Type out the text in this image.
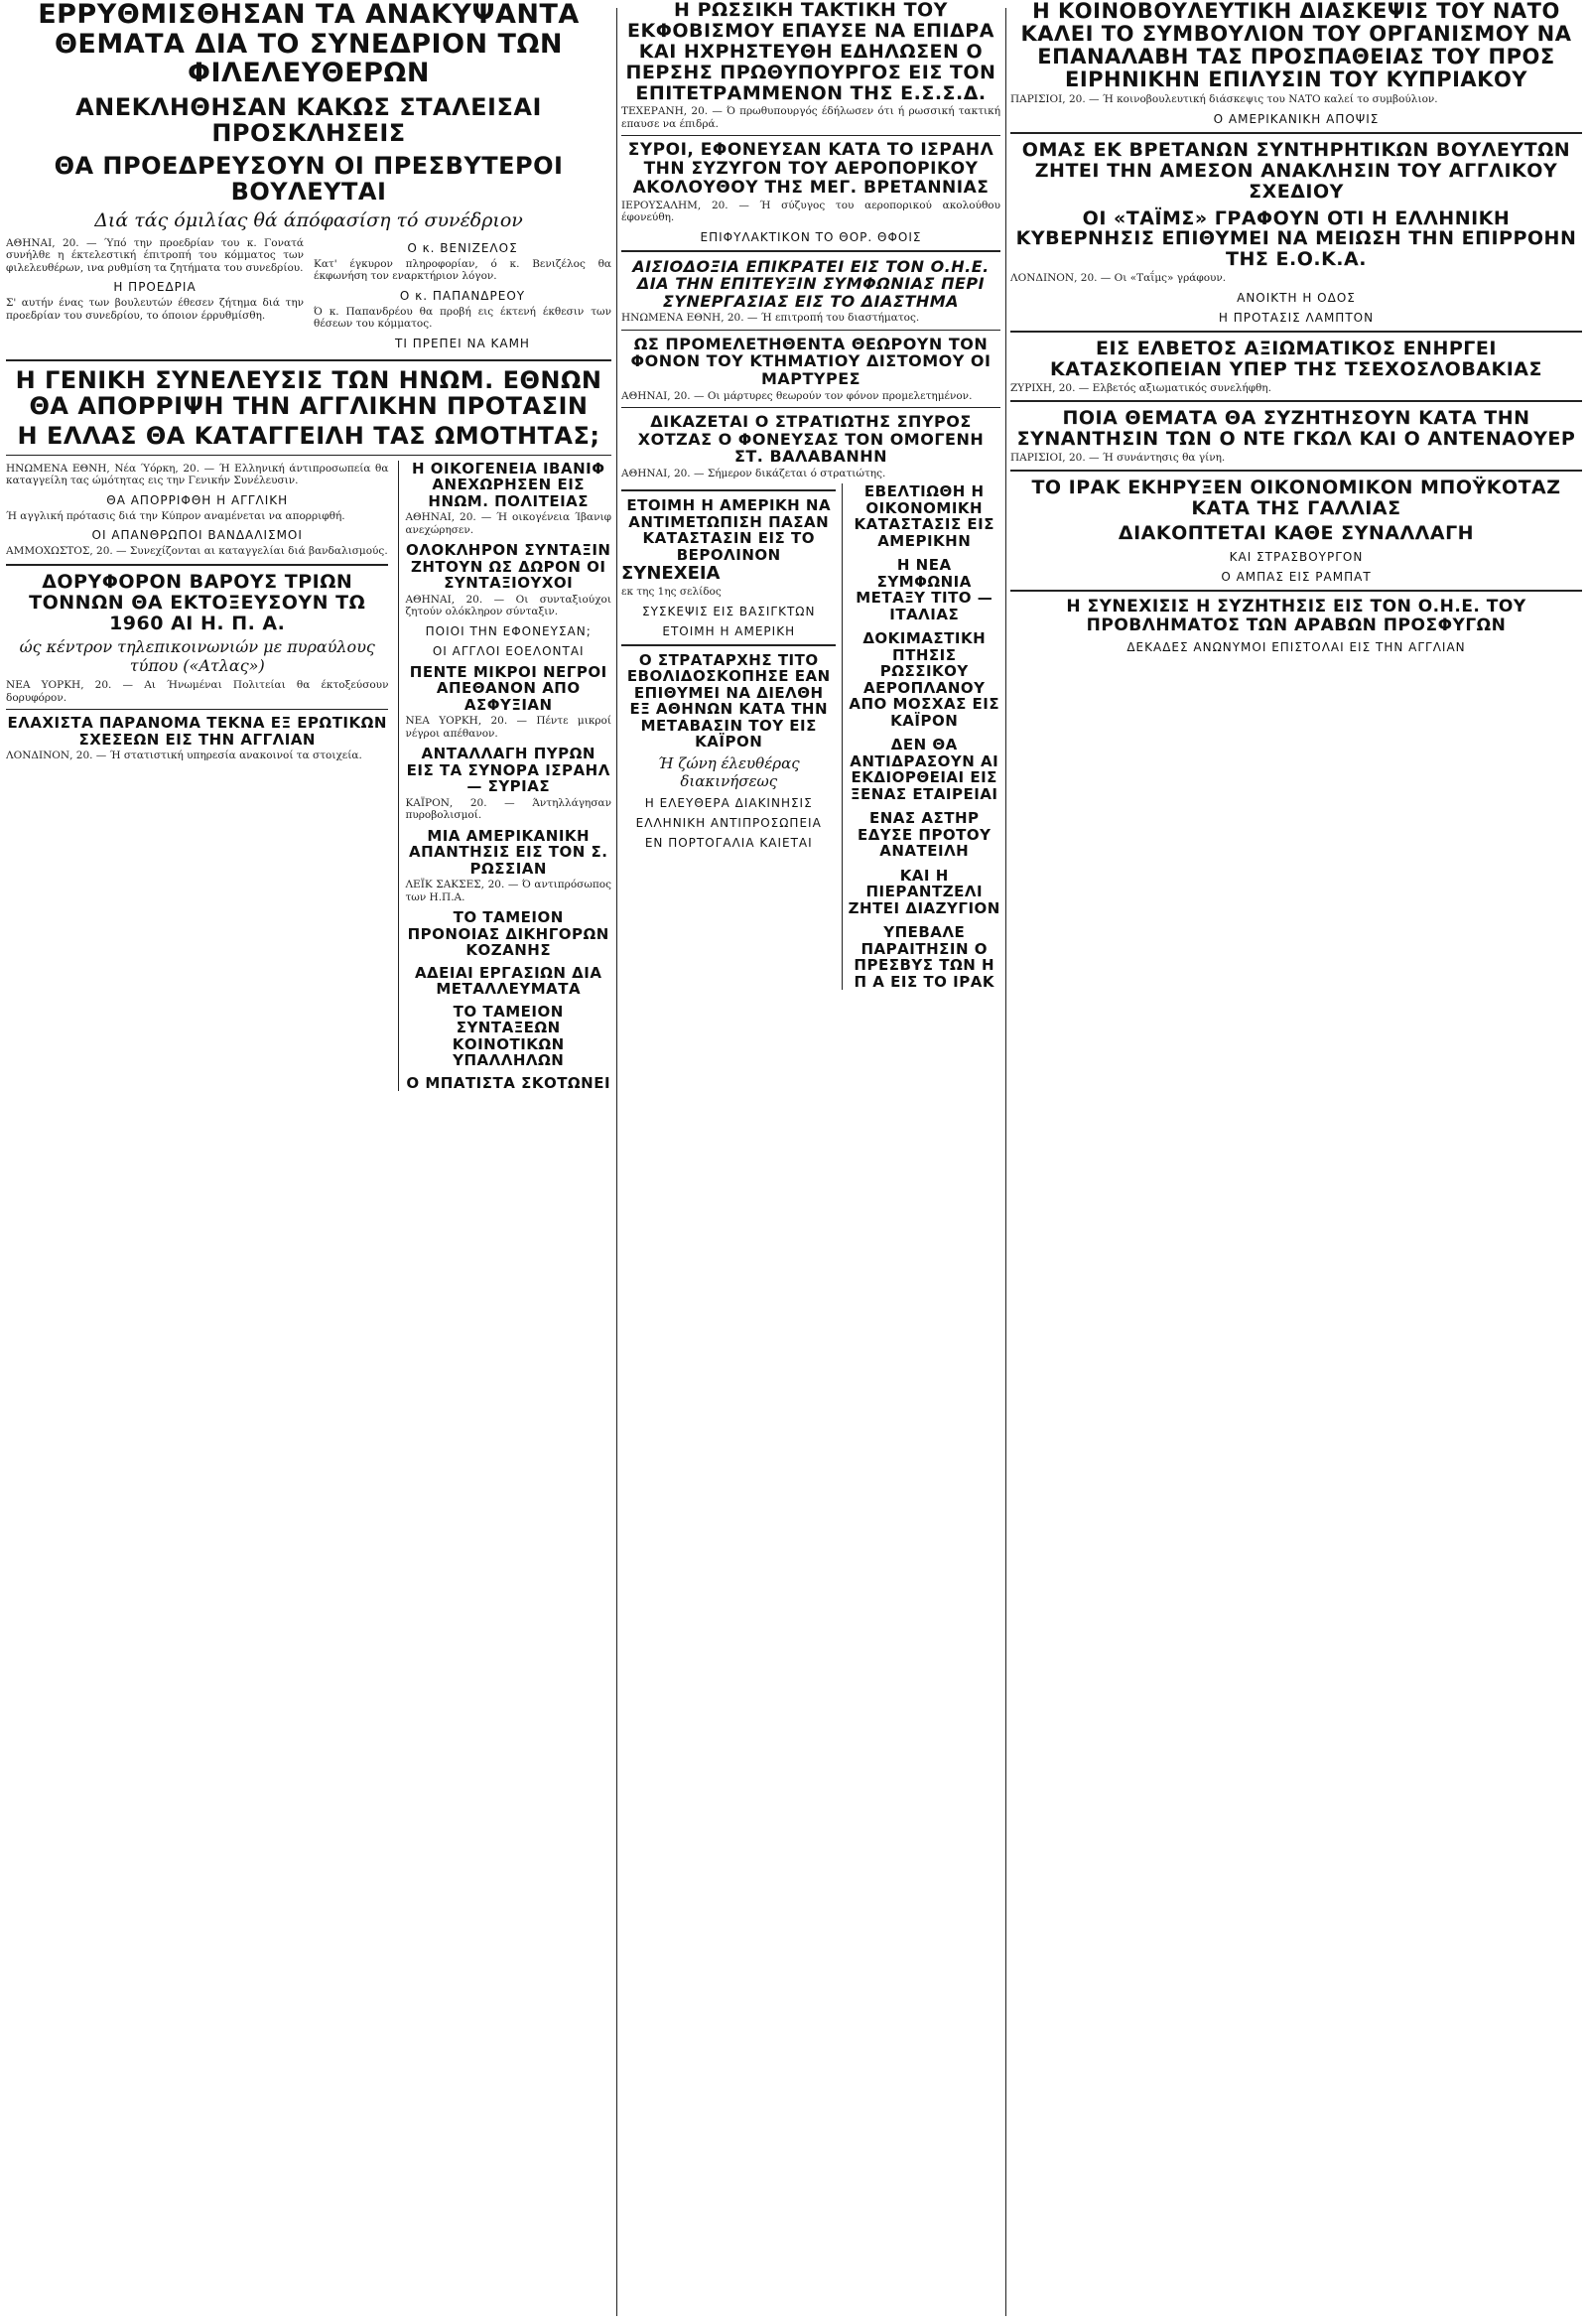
ΕΡΡΥΘΜΙΣΘΗΣΑΝ ΤΑ ΑΝΑΚΥΨΑΝΤΑ ΘΕΜΑΤΑ ΔΙΑ ΤΟ ΣΥΝΕΔΡΙΟΝ ΤΩΝ ΦΙΛΕΛΕΥΘΕΡΩΝ
ΑΝΕΚΛΗΘΗΣΑΝ ΚΑΚΩΣ ΣΤΑΛΕΙΣΑΙ ΠΡΟΣΚΛΗΣΕΙΣ
ΘΑ ΠΡΟΕΔΡΕΥΣΟΥΝ ΟΙ ΠΡΕΣΒΥΤΕΡΟΙ ΒΟΥΛΕΥΤΑΙ
Διά τάς όμιλίας θά άπόφασίση τό συνέδριον
ΑΘΗΝΑΙ, 20. — Ύπό την προεδρίαν του κ. Γονατά συνήλθε η έκτελεστική έπιτροπή του κόμματος των φιλελευθέρων, ινα ρυθμίση τα ζητήματα του συνεδρίου.
Η ΠΡΟΕΔΡΙΑ
Σ' αυτήν ένας των βουλευτών έθεσεν ζήτημα διά την προεδρίαν του συνεδρίου, το όποιον έρρυθμίσθη.
Ο κ. ΒΕΝΙΖΕΛΟΣ
Κατ' έγκυρον πληροφορίαν, ό κ. Βενιζέλος θα έκφωνήση τον εναρκτήριον λόγον.
Ο κ. ΠΑΠΑΝΔΡΕΟΥ
Ό κ. Παπανδρέου θα προβή εις έκτενή έκθεσιν των θέσεων του κόμματος.
ΤΙ ΠΡΕΠΕΙ ΝΑ ΚΑΜΗ
Η ΓΕΝΙΚΗ ΣΥΝΕΛΕΥΣΙΣ ΤΩΝ ΗΝΩΜ. ΕΘΝΩΝ ΘΑ ΑΠΟΡΡΙΨΗ ΤΗΝ ΑΓΓΛΙΚΗΝ ΠΡΟΤΑΣΙΝ
Η ΕΛΛΑΣ ΘΑ ΚΑΤΑΓΓΕΙΛΗ ΤΑΣ ΩΜΟΤΗΤΑΣ;
ΗΝΩΜΕΝΑ ΕΘΝΗ, Νέα Ύόρκη, 20. — Ή Ελληνική άντιπροσωπεία θα καταγγείλη τας ώμότητας εις την Γενικήν Συνέλευσιν.
ΘΑ ΑΠΟΡΡΙΦΘΗ Η ΑΓΓΛΙΚΗ
Ή αγγλική πρότασις διά την Κύπρον αναμένεται να απορριφθή.
ΟΙ ΑΠΑΝΘΡΩΠΟΙ ΒΑΝΔΑΛΙΣΜΟΙ
ΑΜΜΟΧΩΣΤΟΣ, 20. — Συνεχίζονται αι καταγγελίαι διά βανδαλισμούς.
ΔΟΡΥΦΟΡΟΝ ΒΑΡΟΥΣ ΤΡΙΩΝ ΤΟΝΝΩΝ ΘΑ ΕΚΤΟΞΕΥΣΟΥΝ ΤΩ 1960 ΑΙ Η. Π. Α.
ώς κέντρον τηλεπικοινωνιών με πυραύλους τύπου («Ατλας»)
ΝΕΑ ΥΟΡΚΗ, 20. — Αι Ήνωμέναι Πολιτείαι θα έκτοξεύσουν δορυφόρον.
ΕΛΑΧΙΣΤΑ ΠΑΡΑΝΟΜΑ ΤΕΚΝΑ ΕΞ ΕΡΩΤΙΚΩΝ ΣΧΕΣΕΩΝ ΕΙΣ ΤΗΝ ΑΓΓΛΙΑΝ
ΛΟΝΔΙΝΟΝ, 20. — Ή στατιστική υπηρεσία ανακοινοί τα στοιχεία.
Η ΟΙΚΟΓΕΝΕΙΑ ΙΒΑΝΙΦ ΑΝΕΧΩΡΗΣΕΝ ΕΙΣ ΗΝΩΜ. ΠΟΛΙΤΕΙΑΣ
ΑΘΗΝΑΙ, 20. — Ή οικογένεια Ίβανιφ ανεχώρησεν.
ΟΛΟΚΛΗΡΟΝ ΣΥΝΤΑΞΙΝ ΖΗΤΟΥΝ ΩΣ ΔΩΡΟΝ ΟΙ ΣΥΝΤΑΞΙΟΥΧΟΙ
ΑΘΗΝΑΙ, 20. — Οι συνταξιούχοι ζητούν ολόκληρον σύνταξιν.
ΠΟΙΟΙ ΤΗΝ ΕΦΟΝΕΥΣΑΝ;
ΟΙ ΑΓΓΛΟΙ ΕΟΕΛΟΝΤΑΙ
ΠΕΝΤΕ ΜΙΚΡΟΙ ΝΕΓΡΟΙ ΑΠΕΘΑΝΟΝ ΑΠΟ ΑΣΦΥΞΙΑΝ
ΝΕΑ ΥΟΡΚΗ, 20. — Πέντε μικροί νέγροι απέθανον.
ΑΝΤΑΛΛΑΓΗ ΠΥΡΩΝ ΕΙΣ ΤΑ ΣΥΝΟΡΑ ΙΣΡΑΗΛ — ΣΥΡΙΑΣ
ΚΑΪΡΟΝ, 20. — Άντηλλάγησαν πυροβολισμοί.
ΜΙΑ ΑΜΕΡΙΚΑΝΙΚΗ ΑΠΑΝΤΗΣΙΣ ΕΙΣ ΤΟΝ Σ. ΡΩΣΣΙΑΝ
ΛΕΪΚ ΣΑΚΣΕΣ, 20. — Ό αντιπρόσωπος των Η.Π.Α.
ΤΟ ΤΑΜΕΙΟΝ ΠΡΟΝΟΙΑΣ ΔΙΚΗΓΟΡΩΝ ΚΟΖΑΝΗΣ
ΑΔΕΙΑΙ ΕΡΓΑΣΙΩΝ ΔΙΑ ΜΕΤΑΛΛΕΥΜΑΤΑ
ΤΟ ΤΑΜΕΙΟΝ ΣΥΝΤΑΞΕΩΝ ΚΟΙΝΟΤΙΚΩΝ ΥΠΑΛΛΗΛΩΝ
Ο ΜΠΑΤΙΣΤΑ ΣΚΟΤΩΝΕΙ
Η ΡΩΣΣΙΚΗ ΤΑΚΤΙΚΗ ΤΟΥ ΕΚΦΟΒΙΣΜΟΥ ΕΠΑΥΣΕ ΝΑ ΕΠΙΔΡΑ ΚΑΙ ΗΧΡΗΣΤΕΥΘΗ ΕΔΗΛΩΣΕΝ Ο ΠΕΡΣΗΣ ΠΡΩΘΥΠΟΥΡΓΟΣ ΕΙΣ ΤΟΝ ΕΠΙΤΕΤΡΑΜΜΕΝΟΝ ΤΗΣ Ε.Σ.Σ.Δ.
ΤΕΧΕΡΑΝΗ, 20. — Ό πρωθυπουργός έδήλωσεν ότι ή ρωσσική τακτική επαυσε να έπιδρά.
ΣΥΡΟΙ, ΕΦΟΝΕΥΣΑΝ ΚΑΤΑ ΤΟ ΙΣΡΑΗΛ ΤΗΝ ΣΥΖΥΓΟΝ ΤΟΥ ΑΕΡΟΠΟΡΙΚΟΥ ΑΚΟΛΟΥΘΟΥ ΤΗΣ ΜΕΓ. ΒΡΕΤΑΝΝΙΑΣ
ΙΕΡΟΥΣΑΛΗΜ, 20. — Ή σύζυγος του αεροπορικού ακολούθου έφονεύθη.
ΕΠΙΦΥΛΑΚΤΙΚΟΝ ΤΟ ΘΟΡ. ΘΦΟΙΣ
ΑΙΣΙΟΔΟΞΙΑ ΕΠΙΚΡΑΤΕΙ ΕΙΣ ΤΟΝ Ο.Η.Ε. ΔΙΑ ΤΗΝ ΕΠΙΤΕΥΞΙΝ ΣΥΜΦΩΝΙΑΣ ΠΕΡΙ ΣΥΝΕΡΓΑΣΙΑΣ ΕΙΣ ΤΟ ΔΙΑΣΤΗΜΑ
ΗΝΩΜΕΝΑ ΕΘΝΗ, 20. — Ή επιτροπή του διαστήματος.
ΩΣ ΠΡΟΜΕΛΕΤΗΘΕΝΤΑ ΘΕΩΡΟΥΝ ΤΟΝ ΦΟΝΟΝ ΤΟΥ ΚΤΗΜΑΤΙΟΥ ΔΙΣΤΟΜΟΥ ΟΙ ΜΑΡΤΥΡΕΣ
ΑΘΗΝΑΙ, 20. — Οι μάρτυρες θεωρούν τον φόνον προμελετημένον.
ΔΙΚΑΖΕΤΑΙ Ο ΣΤΡΑΤΙΩΤΗΣ ΣΠΥΡΟΣ ΧΟΤΖΑΣ Ο ΦΟΝΕΥΣΑΣ ΤΟΝ ΟΜΟΓΕΝΗ ΣΤ. ΒΑΛΑΒΑΝΗΝ
ΑΘΗΝΑΙ, 20. — Σήμερον δικάζεται ό στρατιώτης.
ΕΤΟΙΜΗ Η ΑΜΕΡΙΚΗ ΝΑ ΑΝΤΙΜΕΤΩΠΙΣΗ ΠΑΣΑΝ ΚΑΤΑΣΤΑΣΙΝ ΕΙΣ ΤΟ ΒΕΡΟΛΙΝΟΝ
ΣΥΝΕΧΕΙΑ
εκ της 1ης σελίδος
ΣΥΣΚΕΨΙΣ ΕΙΣ ΒΑΣΙΓΚΤΩΝ
ΕΤΟΙΜΗ Η ΑΜΕΡΙΚΗ
Ο ΣΤΡΑΤΑΡΧΗΣ ΤΙΤΟ ΕΒΟΛΙΔΟΣΚΟΠΗΣΕ ΕΑΝ ΕΠΙΘΥΜΕΙ ΝΑ ΔΙΕΛΘΗ ΕΞ ΑΘΗΝΩΝ ΚΑΤΑ ΤΗΝ ΜΕΤΑΒΑΣΙΝ ΤΟΥ ΕΙΣ ΚΑΪΡΟΝ
Ή ζώνη έλευθέρας διακινήσεως
Η ΕΛΕΥΘΕΡΑ ΔΙΑΚΙΝΗΣΙΣ
ΕΛΛΗΝΙΚΗ ΑΝΤΙΠΡΟΣΩΠΕΙΑ
ΕΝ ΠΟΡΤΟΓΑΛΙΑ ΚΑΙΕΤΑΙ
ΕΒΕΛΤΙΩΘΗ Η ΟΙΚΟΝΟΜΙΚΗ ΚΑΤΑΣΤΑΣΙΣ ΕΙΣ ΑΜΕΡΙΚΗΝ
Η ΝΕΑ ΣΥΜΦΩΝΙΑ ΜΕΤΑΞΥ ΤΙΤΟ — ΙΤΑΛΙΑΣ
ΔΟΚΙΜΑΣΤΙΚΗ ΠΤΗΣΙΣ ΡΩΣΣΙΚΟΥ ΑΕΡΟΠΛΑΝΟΥ ΑΠΟ ΜΟΣΧΑΣ ΕΙΣ ΚΑΪΡΟΝ
ΔΕΝ ΘΑ ΑΝΤΙΔΡΑΣΟΥΝ ΑΙ ΕΚΔΙΟΡΘΕΙΑΙ ΕΙΣ ΞΕΝΑΣ ΕΤΑΙΡΕΙΑΙ
ΕΝΑΣ ΑΣΤΗΡ ΕΔΥΣΕ ΠΡΟΤΟΥ ΑΝΑΤΕΙΛΗ
ΚΑΙ Η ΠΙΕΡΑΝΤΖΕΛΙ ΖΗΤΕΙ ΔΙΑΖΥΓΙΟΝ
ΥΠΕΒΑΛΕ ΠΑΡΑΙΤΗΣΙΝ Ο ΠΡΕΣΒΥΣ ΤΩΝ Η Π Α ΕΙΣ ΤΟ ΙΡΑΚ
Η ΚΟΙΝΟΒΟΥΛΕΥΤΙΚΗ ΔΙΑΣΚΕΨΙΣ ΤΟΥ ΝΑΤΟ ΚΑΛΕΙ ΤΟ ΣΥΜΒΟΥΛΙΟΝ ΤΟΥ ΟΡΓΑΝΙΣΜΟΥ ΝΑ ΕΠΑΝΑΛΑΒΗ ΤΑΣ ΠΡΟΣΠΑΘΕΙΑΣ ΤΟΥ ΠΡΟΣ ΕΙΡΗΝΙΚΗΝ ΕΠΙΛΥΣΙΝ ΤΟΥ ΚΥΠΡΙΑΚΟΥ
ΠΑΡΙΣΙΟΙ, 20. — Ή κοινοβουλευτική διάσκεψις του ΝΑΤΟ καλεί το συμβούλιον.
Ο ΑΜΕΡΙΚΑΝΙΚΗ ΑΠΟΨΙΣ
ΟΜΑΣ ΕΚ ΒΡΕΤΑΝΩΝ ΣΥΝΤΗΡΗΤΙΚΩΝ ΒΟΥΛΕΥΤΩΝ ΖΗΤΕΙ ΤΗΝ ΑΜΕΣΟΝ ΑΝΑΚΛΗΣΙΝ ΤΟΥ ΑΓΓΛΙΚΟΥ ΣΧΕΔΙΟΥ
ΟΙ «ΤΑΪΜΣ» ΓΡΑΦΟΥΝ ΟΤΙ Η ΕΛΛΗΝΙΚΗ ΚΥΒΕΡΝΗΣΙΣ ΕΠΙΘΥΜΕΙ ΝΑ ΜΕΙΩΣΗ ΤΗΝ ΕΠΙΡΡΟΗΝ ΤΗΣ Ε.Ο.Κ.Α.
ΛΟΝΔΙΝΟΝ, 20. — Οι «Ταΐμς» γράφουν.
ΑΝΟΙΚΤΗ Η ΟΔΟΣ
Η ΠΡΟΤΑΣΙΣ ΛΑΜΠΤΟΝ
ΕΙΣ ΕΛΒΕΤΟΣ ΑΞΙΩΜΑΤΙΚΟΣ ΕΝΗΡΓΕΙ ΚΑΤΑΣΚΟΠΕΙΑΝ ΥΠΕΡ ΤΗΣ ΤΣΕΧΟΣΛΟΒΑΚΙΑΣ
ΖΥΡΙΧΗ, 20. — Ελβετός αξιωματικός συνελήφθη.
ΠΟΙΑ ΘΕΜΑΤΑ ΘΑ ΣΥΖΗΤΗΣΟΥΝ ΚΑΤΑ ΤΗΝ ΣΥΝΑΝΤΗΣΙΝ ΤΩΝ Ο ΝΤΕ ΓΚΩΛ ΚΑΙ Ο ΑΝΤΕΝΑΟΥΕΡ
ΠΑΡΙΣΙΟΙ, 20. — Ή συνάντησις θα γίνη.
ΤΟ ΙΡΑΚ ΕΚΗΡΥΞΕΝ ΟΙΚΟΝΟΜΙΚΟΝ ΜΠΟΫΚΟΤΑΖ ΚΑΤΑ ΤΗΣ ΓΑΛΛΙΑΣ
ΔΙΑΚΟΠΤΕΤΑΙ ΚΑΘΕ ΣΥΝΑΛΛΑΓΗ
ΚΑΙ ΣΤΡΑΣΒΟΥΡΓΟΝ
Ο ΑΜΠΑΣ ΕΙΣ ΡΑΜΠΑΤ
Η ΣΥΝΕΧΙΣΙΣ Η ΣΥΖΗΤΗΣΙΣ ΕΙΣ ΤΟΝ Ο.Η.Ε. ΤΟΥ ΠΡΟΒΛΗΜΑΤΟΣ ΤΩΝ ΑΡΑΒΩΝ ΠΡΟΣΦΥΓΩΝ
ΔΕΚΑΔΕΣ ΑΝΩΝΥΜΟΙ ΕΠΙΣΤΟΛΑΙ ΕΙΣ ΤΗΝ ΑΓΓΛΙΑΝ
